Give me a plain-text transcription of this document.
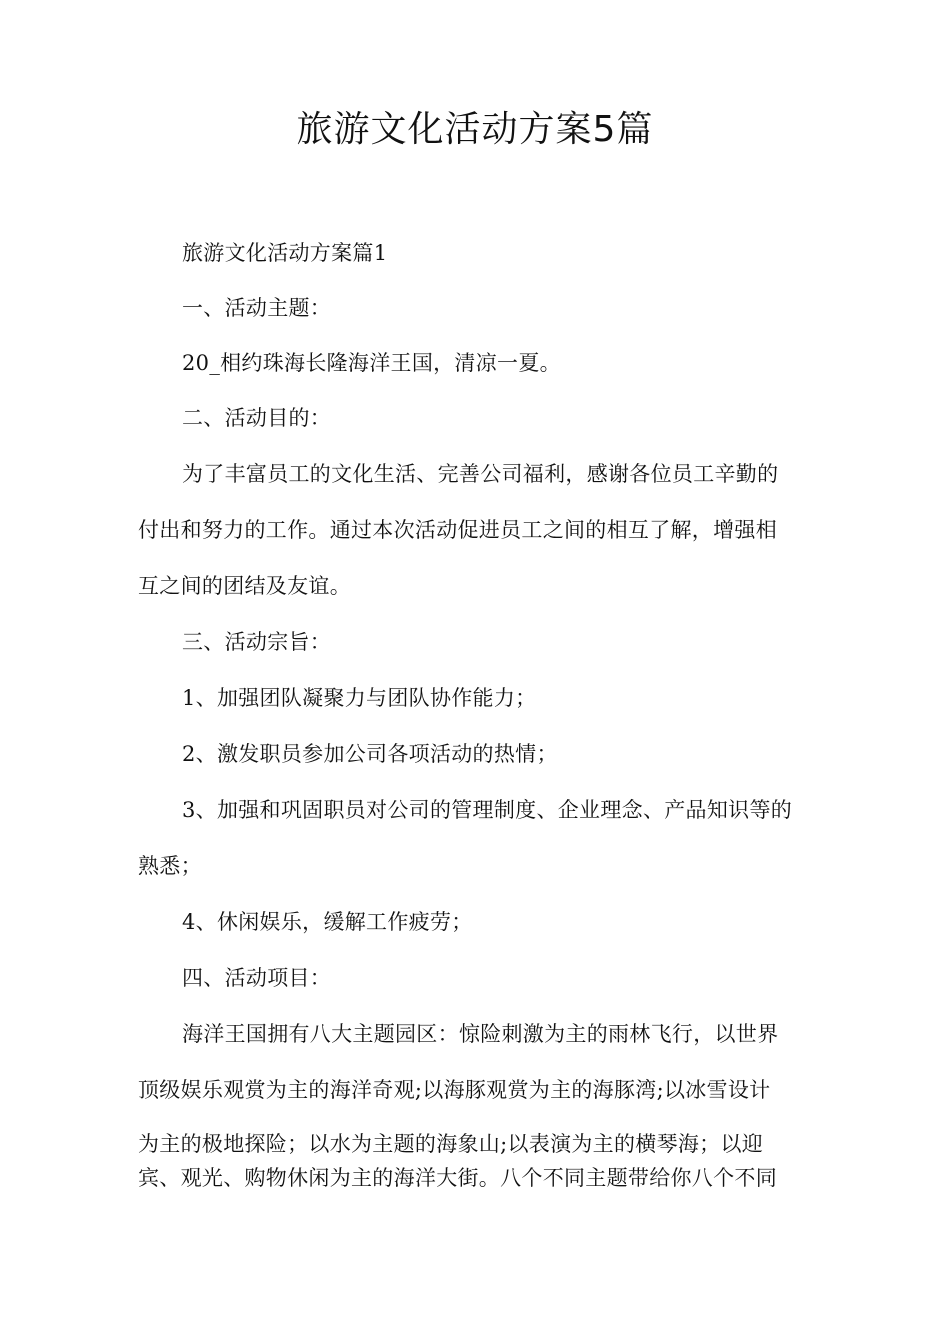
旅游文化活动方案5篇
旅游文化活动方案篇1
一、活动主题：
20_相约珠海长隆海洋王国，清凉一夏。
二、活动目的：
为了丰富员工的文化生活、完善公司福利，感谢各位员工辛勤的
付出和努力的工作。通过本次活动促进员工之间的相互了解，增强相
互之间的团结及友谊。
三、活动宗旨：
1、加强团队凝聚力与团队协作能力；
2、激发职员参加公司各项活动的热情；
3、加强和巩固职员对公司的管理制度、企业理念、产品知识等的
熟悉；
4、休闲娱乐，缓解工作疲劳；
四、活动项目：
海洋王国拥有八大主题园区：惊险刺激为主的雨林飞行，以世界
顶级娱乐观赏为主的海洋奇观;以海豚观赏为主的海豚湾;以冰雪设计
为主的极地探险；以水为主题的海象山;以表演为主的横琴海；以迎
宾、观光、购物休闲为主的海洋大街。八个不同主题带给你八个不同
